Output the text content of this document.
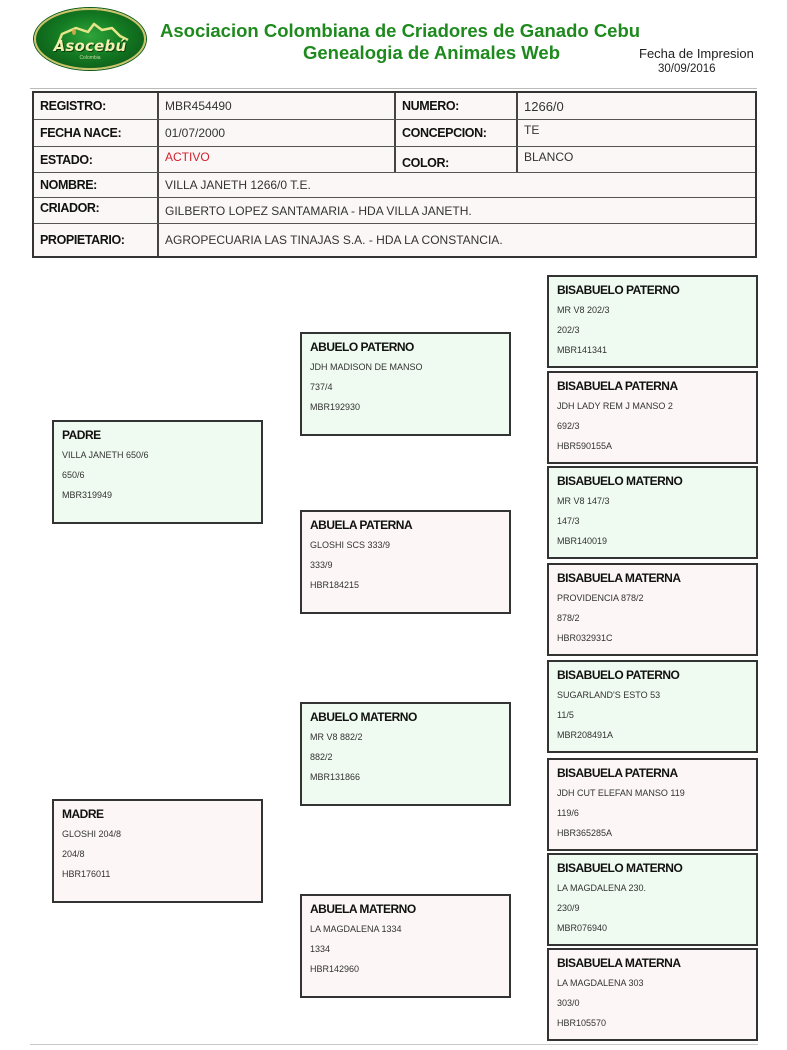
Asocebú
Colombia
Asociacion Colombiana de Criadores de Ganado Cebu
Genealogia de Animales Web	Fecha de Impresion
30/09/2016
REGISTRO:	MBR454490	NUMERO:	1266/0
FECHA NACE:	01/07/2000	CONCEPCION:	TE
ESTADO:	ACTIVO	COLOR:	BLANCO
NOMBRE:	VILLA JANETH 1266/0 T.E.
CRIADOR:	GILBERTO LOPEZ SANTAMARIA - HDA VILLA JANETH.
PROPIETARIO:	AGROPECUARIA LAS TINAJAS S.A. - HDA LA CONSTANCIA.
PADRE
VILLA JANETH 650/6
650/6
MBR319949
MADRE
GLOSHI 204/8
204/8
HBR176011
ABUELO PATERNO
JDH MADISON DE MANSO
737/4
MBR192930
ABUELA PATERNA
GLOSHI SCS 333/9
333/9
HBR184215
ABUELO MATERNO
MR V8 882/2
882/2
MBR131866
ABUELA MATERNO
LA MAGDALENA 1334
1334
HBR142960
BISABUELO PATERNO
MR V8 202/3
202/3
MBR141341
BISABUELA PATERNA
JDH LADY REM J MANSO 2
692/3
HBR590155A
BISABUELO MATERNO
MR V8 147/3
147/3
MBR140019
BISABUELA MATERNA
PROVIDENCIA 878/2
878/2
HBR032931C
BISABUELO PATERNO
SUGARLAND'S ESTO 53
11/5
MBR208491A
BISABUELA PATERNA
JDH CUT ELEFAN MANSO 119
119/6
HBR365285A
BISABUELO MATERNO
LA MAGDALENA 230.
230/9
MBR076940
BISABUELA MATERNA
LA MAGDALENA 303
303/0
HBR105570
